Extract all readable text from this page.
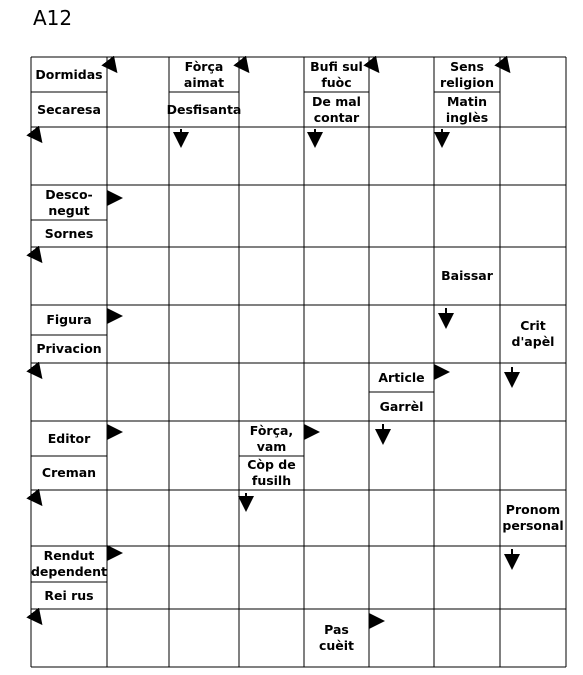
A12
Dormidas
Secaresa
Fòrça
aimat
Desfisanta
Bufi sul
fuòc
De mal
contar
Sens
religion
Matin
inglès
Desco-
negut
Sornes
Baissar
Figura
Privacion
Crit
d'apèl
Article
Garrèl
Editor
Creman
Fòrça,
vam
Còp de
fusilh
Pronom
personal
Rendut
dependent
Rei rus
Pas
cuèit
